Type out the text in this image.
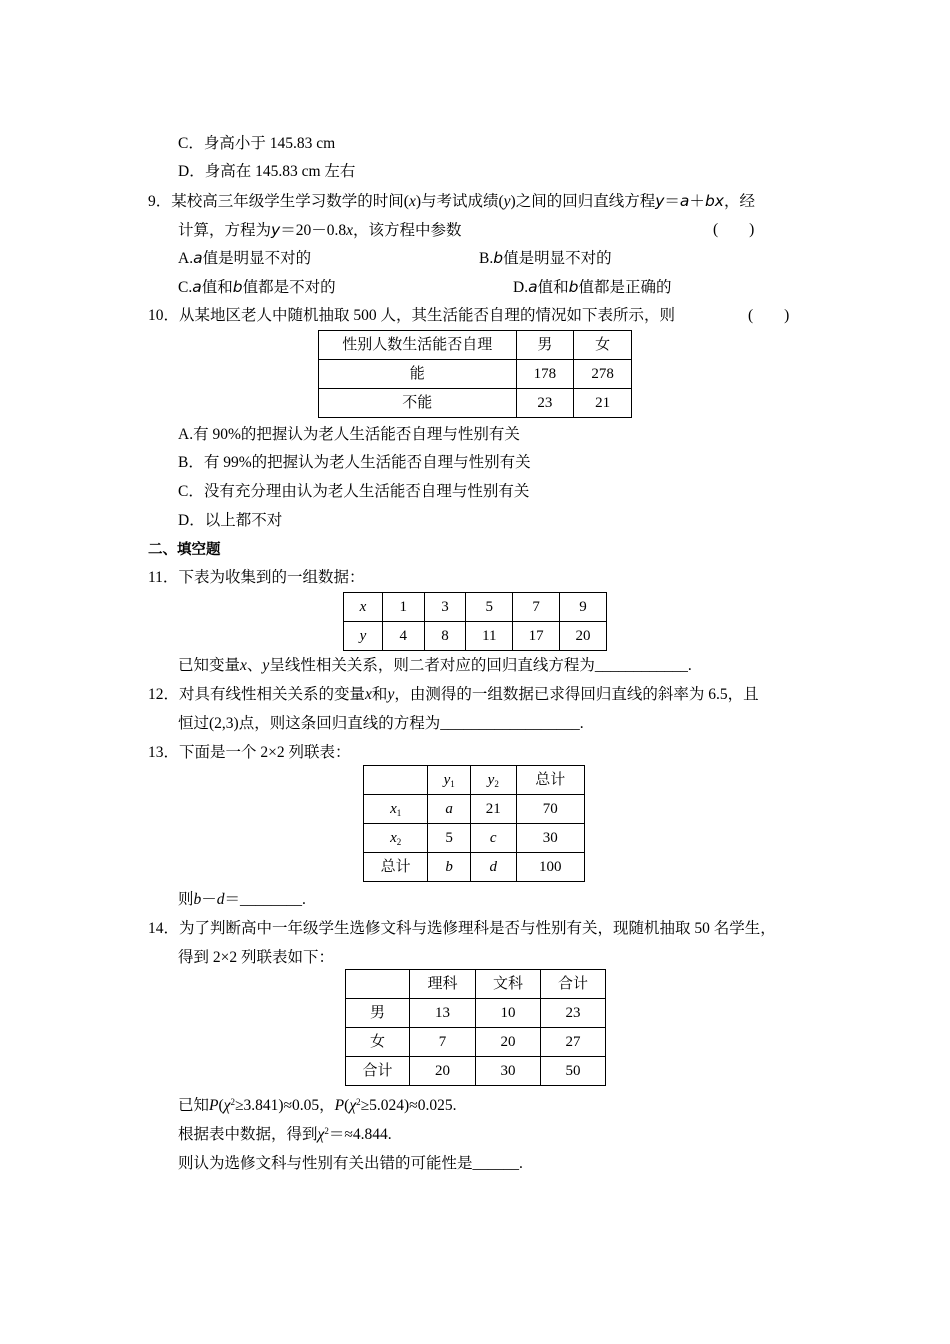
C．身高小于 145.83 cm
D．身高在 145.83 cm 左右
9．某校高三年级学生学习数学的时间(x)与考试成绩(y)之间的回归直线方程y＝a＋bx，经
计算，方程为y＝20－0.8x，该方程中参数	(　　)
A.a值是明显不对的	B.b值是明显不对的
C.a值和b值都是不对的	D.a值和b值都是正确的
10．从某地区老人中随机抽取 500 人，其生活能否自理的情况如下表所示，则	(　　)
性别人数生活能否自理	男	女
能	178	278
不能	23	21
A.有 90%的把握认为老人生活能否自理与性别有关
B．有 99%的把握认为老人生活能否自理与性别有关
C．没有充分理由认为老人生活能否自理与性别有关
D．以上都不对
二、填空题
11．下表为收集到的一组数据：
x	1	3	5	7	9
y	4	8	11	17	20
已知变量x、y呈线性相关关系，则二者对应的回归直线方程为____________.
12．对具有线性相关关系的变量x和y，由测得的一组数据已求得回归直线的斜率为 6.5，且
恒过(2,3)点，则这条回归直线的方程为__________________.
13．下面是一个 2×2 列联表：
	$y_1$	$y_2$	总计
$x_1$	a	21	70
$x_2$	5	c	30
总计	b	d	100
则b－d＝________.
14．为了判断高中一年级学生选修文科与选修理科是否与性别有关，现随机抽取 50 名学生，
得到 2×2 列联表如下：
	理科	文科	合计
男	13	10	23
女	7	20	27
合计	20	30	50
已知$P(\chi^2\ge 3.841)\approx 0.05$，$P(\chi^2\ge 5.024)\approx 0.025$.
根据表中数据，得到$\chi^2=\approx 4.844$.
则认为选修文科与性别有关出错的可能性是______.
